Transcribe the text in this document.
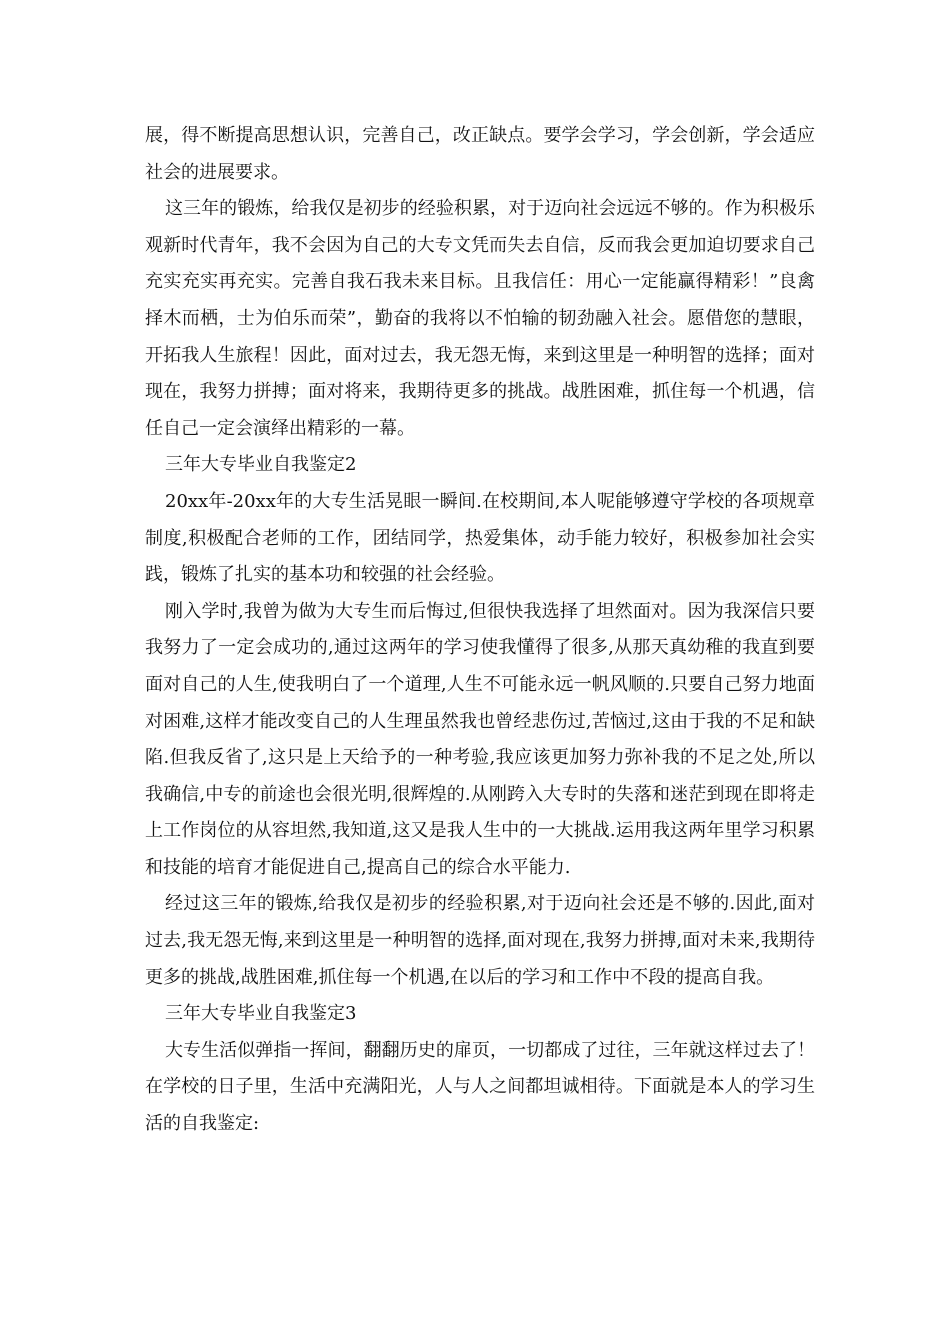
展，得不断提高思想认识，完善自己，改正缺点。要学会学习，学会创新，学会适应社会的进展要求。

这三年的锻炼，给我仅是初步的经验积累，对于迈向社会远远不够的。作为积极乐观新时代青年，我不会因为自己的大专文凭而失去自信，反而我会更加迫切要求自己充实充实再充实。完善自我石我未来目标。且我信任：用心一定能赢得精彩！”良禽择木而栖，士为伯乐而荣”，勤奋的我将以不怕输的韧劲融入社会。愿借您的慧眼，开拓我人生旅程！因此，面对过去，我无怨无悔，来到这里是一种明智的选择；面对现在，我努力拼搏；面对将来，我期待更多的挑战。战胜困难，抓住每一个机遇，信任自己一定会演绎出精彩的一幕。

三年大专毕业自我鉴定2

20xx年-20xx年的大专生活晃眼一瞬间.在校期间,本人呢能够遵守学校的各项规章制度,积极配合老师的工作，团结同学，热爱集体，动手能力较好，积极参加社会实践，锻炼了扎实的基本功和较强的社会经验。

刚入学时,我曾为做为大专生而后悔过,但很快我选择了坦然面对。因为我深信只要我努力了一定会成功的,通过这两年的学习使我懂得了很多,从那天真幼稚的我直到要面对自己的人生,使我明白了一个道理,人生不可能永远一帆风顺的.只要自己努力地面对困难,这样才能改变自己的人生理虽然我也曾经悲伤过,苦恼过,这由于我的不足和缺陷.但我反省了,这只是上天给予的一种考验,我应该更加努力弥补我的不足之处,所以我确信,中专的前途也会很光明,很辉煌的.从刚跨入大专时的失落和迷茫到现在即将走上工作岗位的从容坦然,我知道,这又是我人生中的一大挑战.运用我这两年里学习积累和技能的培育才能促进自己,提高自己的综合水平能力.

经过这三年的锻炼,给我仅是初步的经验积累,对于迈向社会还是不够的.因此,面对过去,我无怨无悔,来到这里是一种明智的选择,面对现在,我努力拼搏,面对未来,我期待更多的挑战,战胜困难,抓住每一个机遇,在以后的学习和工作中不段的提高自我。

三年大专毕业自我鉴定3

大专生活似弹指一挥间，翻翻历史的扉页，一切都成了过往，三年就这样过去了！在学校的日子里，生活中充满阳光，人与人之间都坦诚相待。下面就是本人的学习生活的自我鉴定:
